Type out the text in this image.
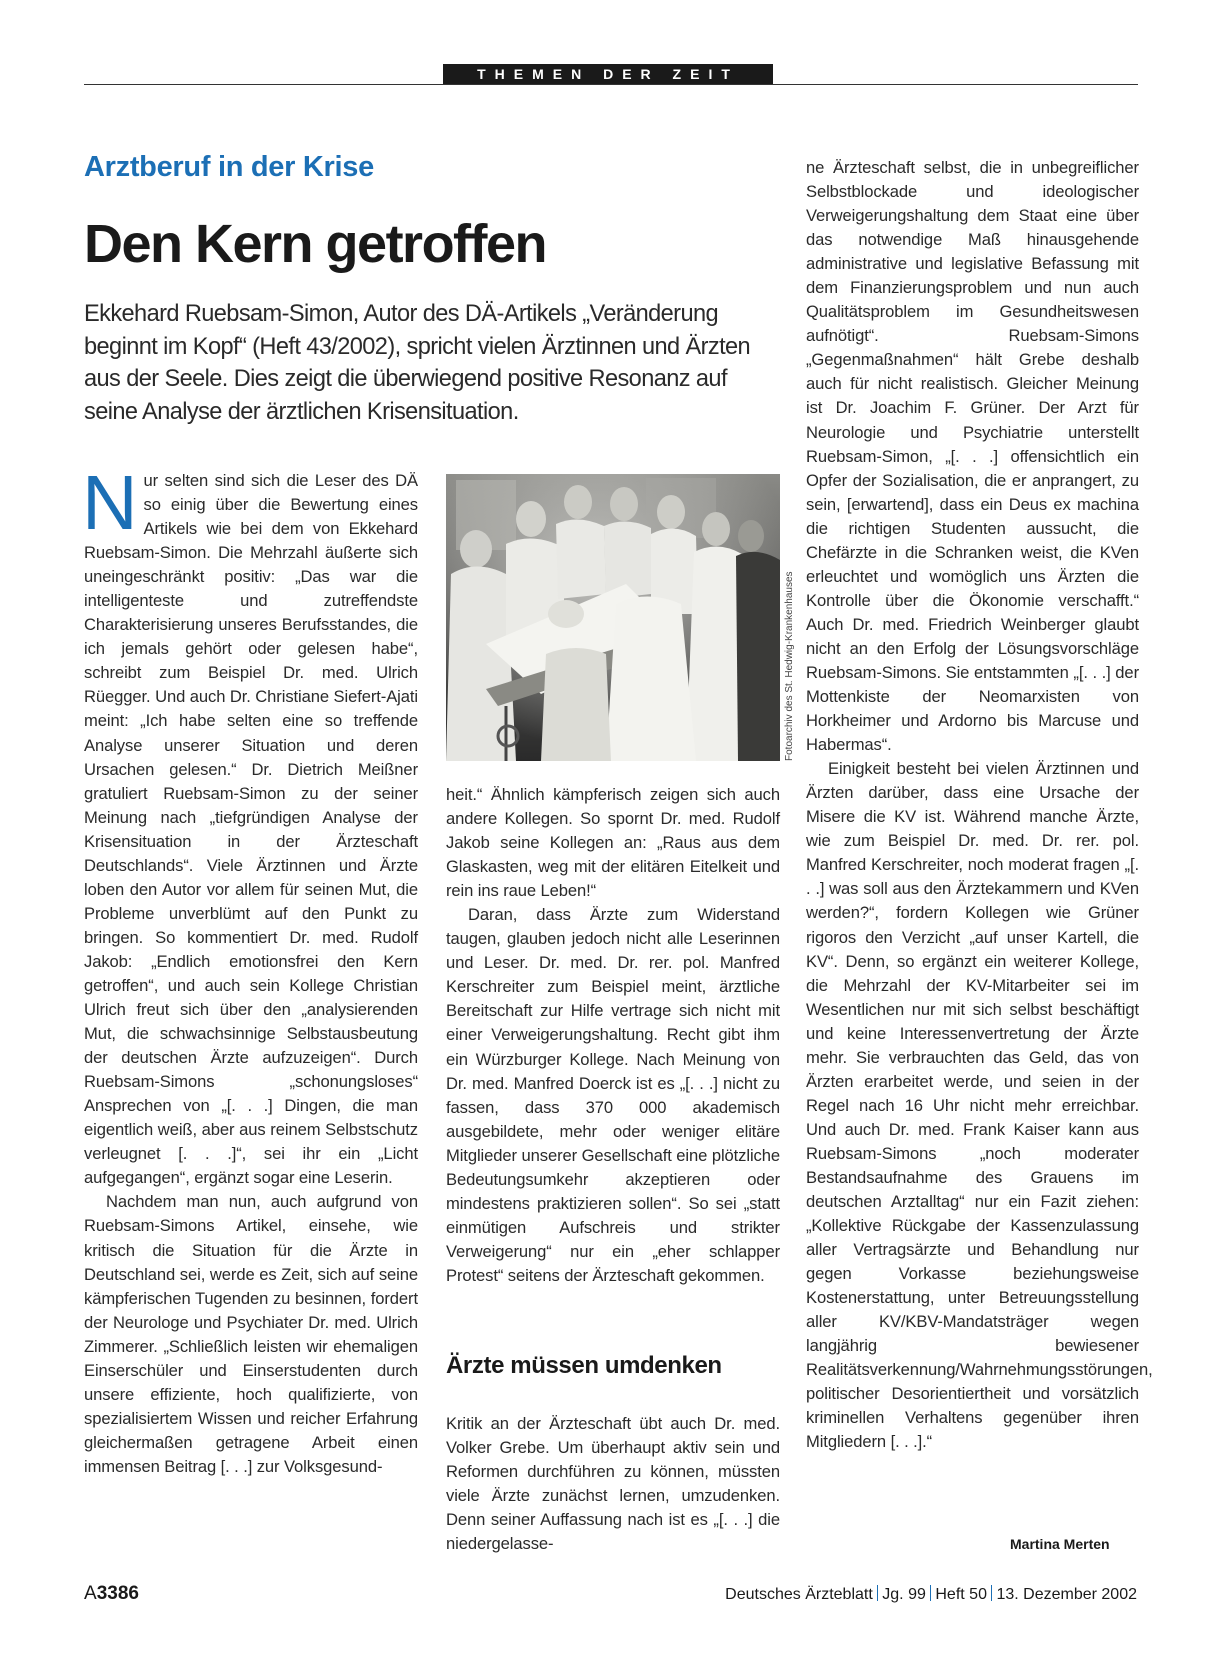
THEMEN DER ZEIT
Arztberuf in der Krise
Den Kern getroffen

Ekkehard Ruebsam-Simon, Autor des DÄ-Artikels „Veränderung beginnt im Kopf“ (Heft 43/2002), spricht vielen Ärztinnen und Ärzten aus der Seele. Dies zeigt die überwiegend positive Resonanz auf seine Analyse der ärztlichen Krisensituation.

Nur selten sind sich die Leser des DÄ so einig über die Bewertung eines Artikels wie bei dem von Ekkehard Ruebsam-Simon. Die Mehrzahl äußerte sich uneingeschränkt positiv: „Das war die intelligenteste und zutreffendste Charakterisierung unseres Berufsstandes, die ich jemals gehört oder gelesen habe“, schreibt zum Beispiel Dr. med. Ulrich Rüegger. Und auch Dr. Christiane Siefert-Ajati meint: „Ich habe selten eine so treffende Analyse unserer Situation und deren Ursachen gelesen.“ Dr. Dietrich Meißner gratuliert Ruebsam-Simon zu der seiner Meinung nach „tiefgründigen Analyse der Krisensituation in der Ärzteschaft Deutschlands“. Viele Ärztinnen und Ärzte loben den Autor vor allem für seinen Mut, die Probleme unverblümt auf den Punkt zu bringen. So kommentiert Dr. med. Rudolf Jakob: „Endlich emotionsfrei den Kern getroffen“, und auch sein Kollege Christian Ulrich freut sich über den „analysierenden Mut, die schwachsinnige Selbstausbeutung der deutschen Ärzte aufzuzeigen“. Durch Ruebsam-Simons „schonungsloses“ Ansprechen von „[. . .] Dingen, die man eigentlich weiß, aber aus reinem Selbstschutz verleugnet [. . .]“, sei ihr ein „Licht aufgegangen“, ergänzt sogar eine Leserin.

Nachdem man nun, auch aufgrund von Ruebsam-Simons Artikel, einsehe, wie kritisch die Situation für die Ärzte in Deutschland sei, werde es Zeit, sich auf seine kämpferischen Tugenden zu besinnen, fordert der Neurologe und Psychiater Dr. med. Ulrich Zimmerer. „Schließlich leisten wir ehemaligen Einserschüler und Einserstudenten durch unsere effiziente, hoch qualifizierte, von spezialisiertem Wissen und reicher Erfahrung gleichermaßen getragene Arbeit einen immensen Beitrag [. . .] zur Volksgesund-

Fotoarchiv des St. Hedwig-Krankenhauses

heit.“ Ähnlich kämpferisch zeigen sich auch andere Kollegen. So spornt Dr. med. Rudolf Jakob seine Kollegen an: „Raus aus dem Glaskasten, weg mit der elitären Eitelkeit und rein ins raue Leben!“

Daran, dass Ärzte zum Widerstand taugen, glauben jedoch nicht alle Leserinnen und Leser. Dr. med. Dr. rer. pol. Manfred Kerschreiter zum Beispiel meint, ärztliche Bereitschaft zur Hilfe vertrage sich nicht mit einer Verweigerungshaltung. Recht gibt ihm ein Würzburger Kollege. Nach Meinung von Dr. med. Manfred Doerck ist es „[. . .] nicht zu fassen, dass 370 000 akademisch ausgebildete, mehr oder weniger elitäre Mitglieder unserer Gesellschaft eine plötzliche Bedeutungsumkehr akzeptieren oder mindestens praktizieren sollen“. So sei „statt einmütigen Aufschreis und strikter Verweigerung“ nur ein „eher schlapper Protest“ seitens der Ärzteschaft gekommen.

Ärzte müssen umdenken

Kritik an der Ärzteschaft übt auch Dr. med. Volker Grebe. Um überhaupt aktiv sein und Reformen durchführen zu können, müssten viele Ärzte zunächst lernen, umzudenken. Denn seiner Auffassung nach ist es „[. . .] die niedergelasse-

ne Ärzteschaft selbst, die in unbegreiflicher Selbstblockade und ideologischer Verweigerungshaltung dem Staat eine über das notwendige Maß hinausgehende administrative und legislative Befassung mit dem Finanzierungsproblem und nun auch Qualitätsproblem im Gesundheitswesen aufnötigt“. Ruebsam-Simons „Gegenmaßnahmen“ hält Grebe deshalb auch für nicht realistisch. Gleicher Meinung ist Dr. Joachim F. Grüner. Der Arzt für Neurologie und Psychiatrie unterstellt Ruebsam-Simon, „[. . .] offensichtlich ein Opfer der Sozialisation, die er anprangert, zu sein, [erwartend], dass ein Deus ex machina die richtigen Studenten aussucht, die Chefärzte in die Schranken weist, die KVen erleuchtet und womöglich uns Ärzten die Kontrolle über die Ökonomie verschafft.“ Auch Dr. med. Friedrich Weinberger glaubt nicht an den Erfolg der Lösungsvorschläge Ruebsam-Simons. Sie entstammten „[. . .] der Mottenkiste der Neomarxisten von Horkheimer und Ardorno bis Marcuse und Habermas“.

Einigkeit besteht bei vielen Ärztinnen und Ärzten darüber, dass eine Ursache der Misere die KV ist. Während manche Ärzte, wie zum Beispiel Dr. med. Dr. rer. pol. Manfred Kerschreiter, noch moderat fragen „[. . .] was soll aus den Ärztekammern und KVen werden?“, fordern Kollegen wie Grüner rigoros den Verzicht „auf unser Kartell, die KV“. Denn, so ergänzt ein weiterer Kollege, die Mehrzahl der KV-Mitarbeiter sei im Wesentlichen nur mit sich selbst beschäftigt und keine Interessenvertretung der Ärzte mehr. Sie verbrauchten das Geld, das von Ärzten erarbeitet werde, und seien in der Regel nach 16 Uhr nicht mehr erreichbar. Und auch Dr. med. Frank Kaiser kann aus Ruebsam-Simons „noch moderater Bestandsaufnahme des Grauens im deutschen Arztalltag“ nur ein Fazit ziehen: „Kollektive Rückgabe der Kassenzulassung aller Vertragsärzte und Behandlung nur gegen Vorkasse beziehungsweise Kostenerstattung, unter Betreuungsstellung aller KV/KBV-Mandatsträger wegen langjährig bewiesener Realitätsverkennung/Wahrnehmungsstörungen, politischer Desorientiertheit und vorsätzlich kriminellen Verhaltens gegenüber ihren Mitgliedern [. . .].“

Martina Merten
A3386	Deutsches Ärzteblatt Jg. 99 Heft 50 13. Dezember 2002
